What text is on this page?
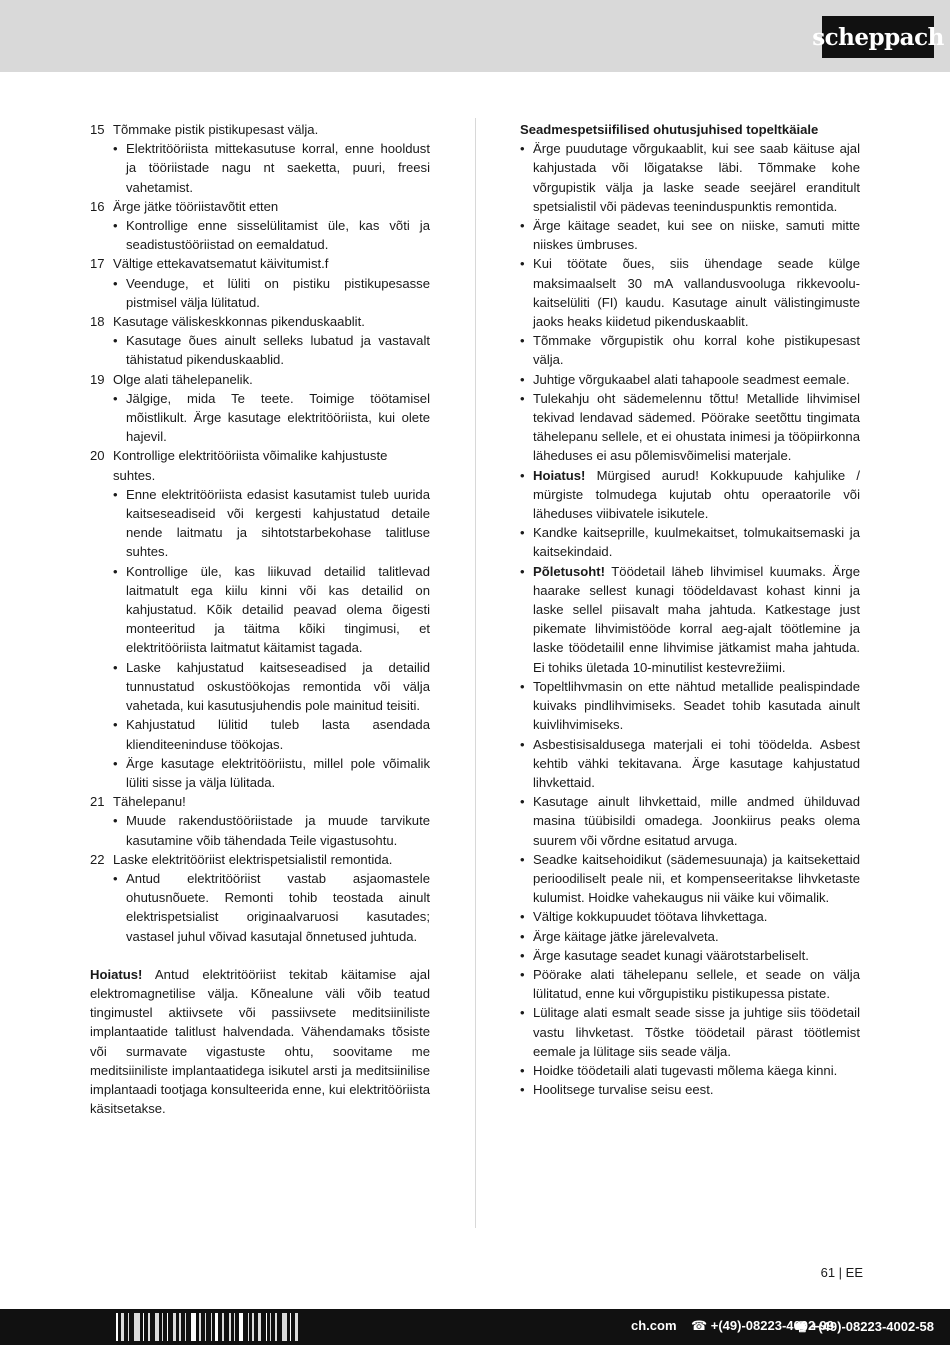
scheppach
15 Tõmmake pistik pistikupesast välja.
• Elektritööriista mittekasutuse korral, enne hooldust ja tööriistade nagu nt saeketta, puuri, freesi vahetamist.
16 Ärge jätke tööriistavõtit etten
• Kontrollige enne sisselülitamist üle, kas võti ja seadistustööriistad on eemaldatud.
17 Vältige ettekavatsematut käivitumist.f
• Veenduge, et lüliti on pistiku pistikupesasse pistmisel välja lülitatud.
18 Kasutage väliskeskkonnas pikenduskaablit.
• Kasutage õues ainult selleks lubatud ja vastavalt tähistatud pikenduskaablid.
19 Olge alati tähelepanelik.
• Jälgige, mida Te teete. Toimige töötamisel mõistlikult. Ärge kasutage elektritööriista, kui olete hajevil.
20 Kontrollige elektritööriista võimalike kahjustuste suhtes.
• Enne elektritööriista edasist kasutamist tuleb uurida kaitseseadiseid või kergesti kahjustatud detaile nende laitmatu ja sihtotstarbekohase talitluse suhtes.
• Kontrollige üle, kas liikuvad detailid talitlevad laitmatult ega kiilu kinni või kas detailid on kahjustatud. Kõik detailid peavad olema õigesti monteeritud ja täitma kõiki tingimusi, et elektritööriista laitmatut käitamist tagada.
• Laske kahjustatud kaitseseadised ja detailid tunnustatud oskustöökojas remontida või välja vahetada, kui kasutusjuhendis pole mainitud teisiti.
• Kahjustatud lülitid tuleb lasta asendada klienditeeninduse töökojas.
• Ärge kasutage elektritööriistu, millel pole võimalik lüliti sisse ja välja lülitada.
21 Tähelepanu!
• Muude rakendustööriistade ja muude tarvikute kasutamine võib tähendada Teile vigastusohtu.
22 Laske elektritööriist elektrispetsialistil remontida.
• Antud elektritööriist vastab asjaomastele ohutusnõuete. Remonti tohib teostada ainult elektrispetsialist originaalvaruosi kasutades; vastasel juhul võivad kasutajal õnnetused juhtuda.
Hoiatus! Antud elektritööriist tekitab käitamise ajal elektromagnetilise välja. Kõnealune väli võib teatud tingimustel aktiivsete või passiivsete meditsiiniliste implantaatide talitlust halvendada. Vähendamaks tõsiste või surmavate vigastuste ohtu, soovitame me meditsiiniliste implantaatidega isikutel arsti ja meditsiinilise implantaadi tootjaga konsulteerida enne, kui elektritööriista käsitsetakse.
Seadmespetsiifilised ohutusjuhised topeltkäiale
• Ärge puudutage võrgukaablit, kui see saab käituse ajal kahjustada või lõigatakse läbi. Tõmmake kohe võrgupistik välja ja laske seade seejärel eranditult spetsialistil või pädevas teeninduspunktis remontida.
• Ärge käitage seadet, kui see on niiske, samuti mitte niiskes ümbruses.
• Kui töötate õues, siis ühendage seade külge maksimaalselt 30 mA vallandusvooluga rikkevoolu-kaitselüliti (FI) kaudu. Kasutage ainult välistingimuste jaoks heaks kiidetud pikenduskaablit.
• Tõmmake võrgupistik ohu korral kohe pistikupesast välja.
• Juhtige võrgukaabel alati tahapoole seadmest eemale.
• Tulekahju oht sädemelennu tõttu! Metallide lihvimisel tekivad lendavad sädemed. Pöörake seetõttu tingimata tähelepanu sellele, et ei ohustata inimesi ja tööpiirkonna läheduses ei asu põlemisvõimelisi materjale.
• Hoiatus! Mürgised aurud! Kokkupuude kahjulike / mürgiste tolmudega kujutab ohtu operaatorile või läheduses viibivatele isikutele.
• Kandke kaitseprille, kuulmekaitset, tolmukaitsemaski ja kaitsekindaid.
• Põletusoht! Töödetail läheb lihvimisel kuumaks. Ärge haarake sellest kunagi töödeldavast kohast kinni ja laske sellel piisavalt maha jahtuda. Katkestage just pikemate lihvimistööde korral aeg-ajalt töötlemine ja laske töödetailil enne lihvimise jätkamist maha jahtuda. Ei tohiks ületada 10-minutilist kestevrežiimi.
• Topeltlihvmasin on ette nähtud metallide pealispindade kuivaks pindlihvimiseks. Seadet tohib kasutada ainult kuivlihvimiseks.
• Asbestisisaldusega materjali ei tohi töödelda. Asbest kehtib vähki tekitavana. Ärge kasutage kahjustatud lihvkettaid.
• Kasutage ainult lihvkettaid, mille andmed ühilduvad masina tüübisildi omadega. Joonkiirus peaks olema suurem või võrdne esitatud arvuga.
• Seadke kaitsehoidikut (sädemesuunaja) ja kaitsekettaid perioodiliselt peale nii, et kompenseeritakse lihvketaste kulumist. Hoidke vahekaugus nii väike kui võimalik.
• Vältige kokkupuudet töötava lihvkettaga.
• Ärge käitage jätke järelevalveta.
• Ärge kasutage seadet kunagi väärotstarbeliselt.
• Pöörake alati tähelepanu sellele, et seade on välja lülitatud, enne kui võrgupistiku pistikupessa pistate.
• Lülitage alati esmalt seade sisse ja juhtige siis töödetail vastu lihvketast. Tõstke töödetail pärast töötlemist eemale ja lülitage siis seade välja.
• Hoidke töödetaili alati tugevasti mõlema käega kinni.
• Hoolitsege turvalise seisu eest.
61 | EE
ch.com ☎ +(49)-08223-4002-99
🖷 +(49)-08223-4002-58
